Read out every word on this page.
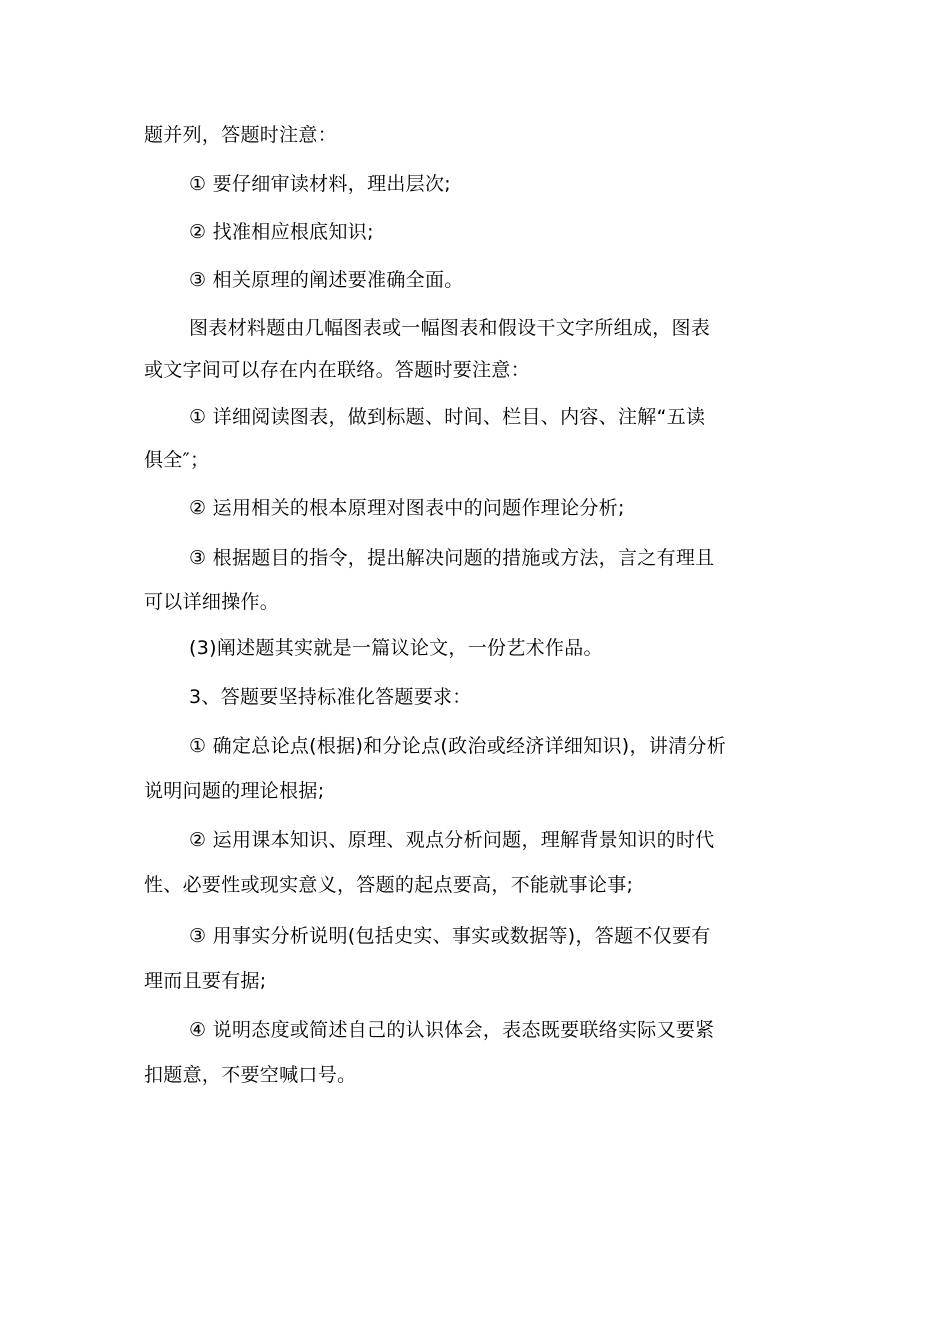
题并列，答题时注意：
① 要仔细审读材料，理出层次;
② 找准相应根底知识;
③ 相关原理的阐述要准确全面。
图表材料题由几幅图表或一幅图表和假设干文字所组成，图表
或文字间可以存在内在联络。答题时要注意：
① 详细阅读图表，做到标题、时间、栏目、内容、注解“五读
俱全″；
② 运用相关的根本原理对图表中的问题作理论分析;
③ 根据题目的指令，提出解决问题的措施或方法，言之有理且
可以详细操作。
(3)阐述题其实就是一篇议论文，一份艺术作品。
3、答题要坚持标准化答题要求：
① 确定总论点(根据)和分论点(政治或经济详细知识)，讲清分析
说明问题的理论根据;
② 运用课本知识、原理、观点分析问题，理解背景知识的时代
性、必要性或现实意义，答题的起点要高，不能就事论事;
③ 用事实分析说明(包括史实、事实或数据等)，答题不仅要有
理而且要有据;
④ 说明态度或简述自己的认识体会，表态既要联络实际又要紧
扣题意，不要空喊口号。
